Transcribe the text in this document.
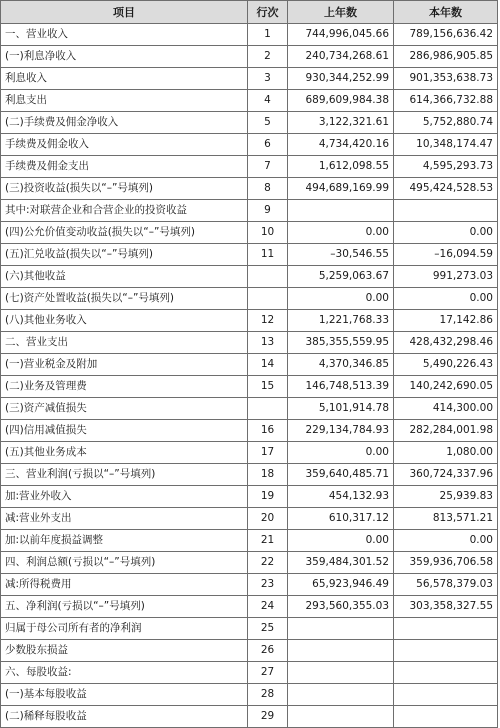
项目	行次	上年数	本年数
一、营业收入	1	744,996,045.66	789,156,636.42
(一)利息净收入	2	240,734,268.61	286,986,905.85
利息收入	3	930,344,252.99	901,353,638.73
利息支出	4	689,609,984.38	614,366,732.88
(二)手续费及佣金净收入	5	3,122,321.61	5,752,880.74
手续费及佣金收入	6	4,734,420.16	10,348,174.47
手续费及佣金支出	7	1,612,098.55	4,595,293.73
(三)投资收益(损失以“–”号填列)	8	494,689,169.99	495,424,528.53
其中:对联营企业和合营企业的投资收益	9		
(四)公允价值变动收益(损失以“–”号填列)	10	0.00	0.00
(五)汇兑收益(损失以“–”号填列)	11	–30,546.55	–16,094.59
(六)其他收益		5,259,063.67	991,273.03
(七)资产处置收益(损失以“–”号填列)		0.00	0.00
(八)其他业务收入	12	1,221,768.33	17,142.86
二、营业支出	13	385,355,559.95	428,432,298.46
(一)营业税金及附加	14	4,370,346.85	5,490,226.43
(二)业务及管理费	15	146,748,513.39	140,242,690.05
(三)资产减值损失		5,101,914.78	414,300.00
(四)信用减值损失	16	229,134,784.93	282,284,001.98
(五)其他业务成本	17	0.00	1,080.00
三、营业利润(亏损以“–”号填列)	18	359,640,485.71	360,724,337.96
加:营业外收入	19	454,132.93	25,939.83
减:营业外支出	20	610,317.12	813,571.21
加:以前年度损益调整	21	0.00	0.00
四、利润总额(亏损以“–”号填列)	22	359,484,301.52	359,936,706.58
减:所得税费用	23	65,923,946.49	56,578,379.03
五、净利润(亏损以“–”号填列)	24	293,560,355.03	303,358,327.55
归属于母公司所有者的净利润	25		
少数股东损益	26		
六、每股收益:	27		
(一)基本每股收益	28		
(二)稀释每股收益	29		
